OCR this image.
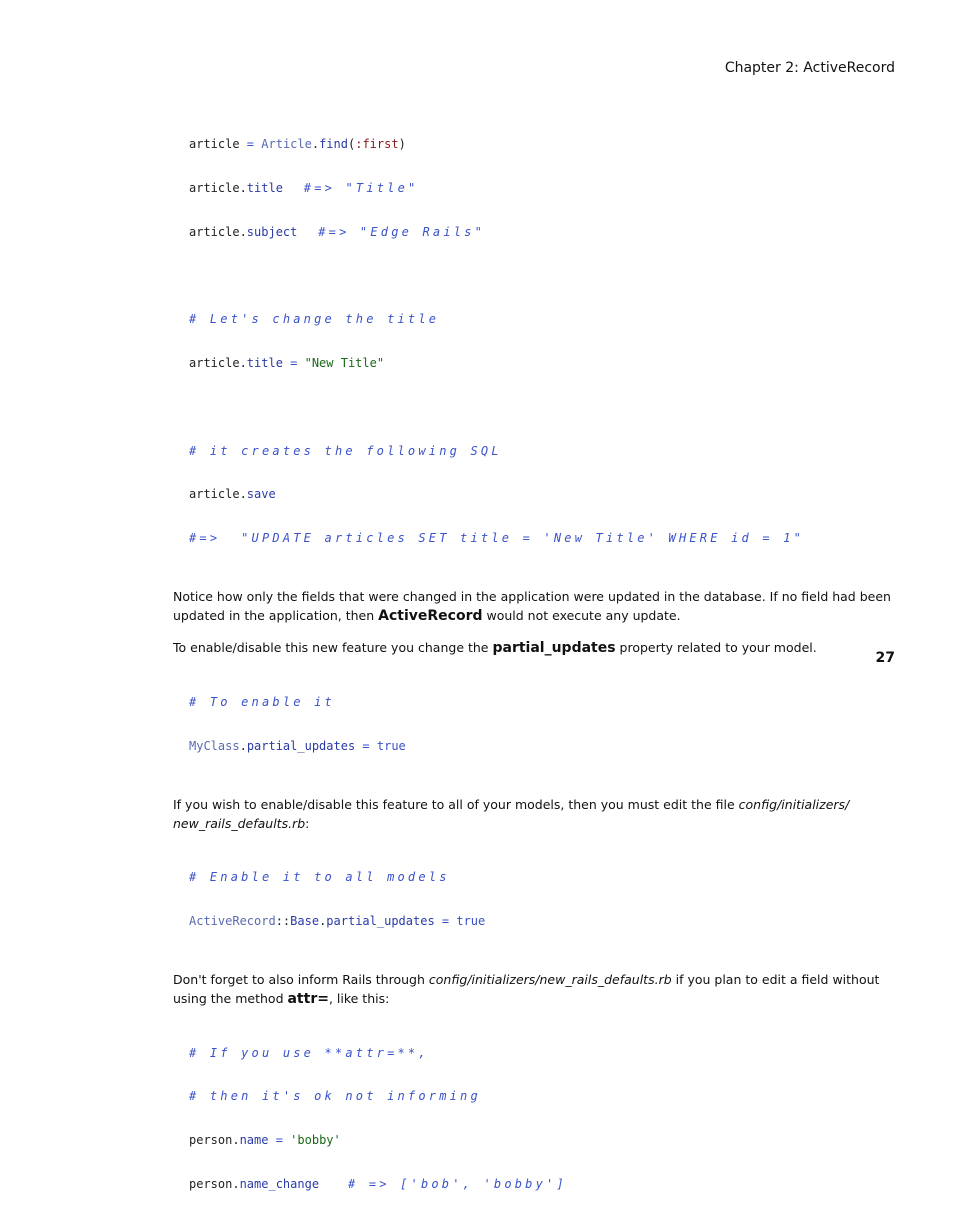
Chapter 2: ActiveRecord

article = Article.find(:first)

article.title  #=> "Title"

article.subject  #=> "Edge Rails"

# Let's change the title

article.title = "New Title"

# it creates the following SQL

article.save

#=>  "UPDATE articles SET title = 'New Title' WHERE id = 1"

Notice how only the fields that were changed in the application were updated in the database. If no field had been updated in the application, then ActiveRecord would not execute any update.

To enable/disable this new feature you change the partial_updates property related to your model.

# To enable it

MyClass.partial_updates = true

If you wish to enable/disable this feature to all of your models, then you must edit the file config/initializers/ new_rails_defaults.rb:

# Enable it to all models

ActiveRecord::Base.partial_updates = true

Don't forget to also inform Rails through config/initializers/new_rails_defaults.rb if you plan to edit a field without using the method attr=, like this:

# If you use **attr=**,

# then it's ok not informing

person.name = 'bobby'

person.name_change # => ['bob', 'bobby']

27
